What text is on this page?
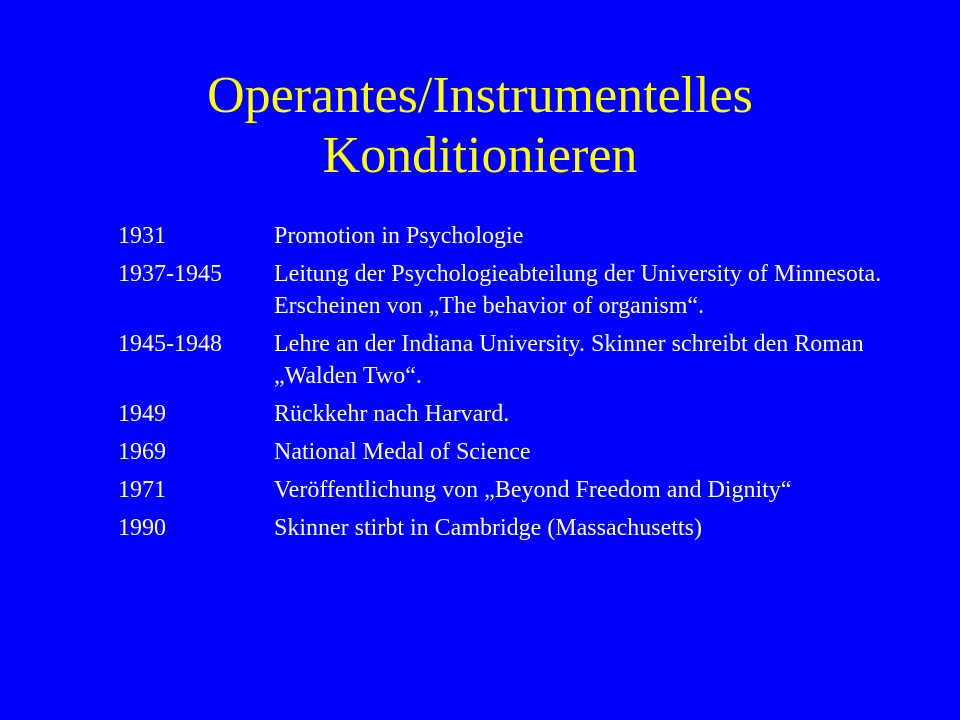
Operantes/Instrumentelles
Konditionieren
1931	Promotion in Psychologie
1937-1945	Leitung der Psychologieabteilung der University of Minnesota. Erscheinen von „The behavior of organism“.
1945-1948	Lehre an der Indiana University. Skinner schreibt den Roman „Walden Two“.
1949	Rückkehr nach Harvard.
1969	National Medal of Science
1971	Veröffentlichung von „Beyond Freedom and Dignity“
1990	Skinner stirbt in Cambridge (Massachusetts)
